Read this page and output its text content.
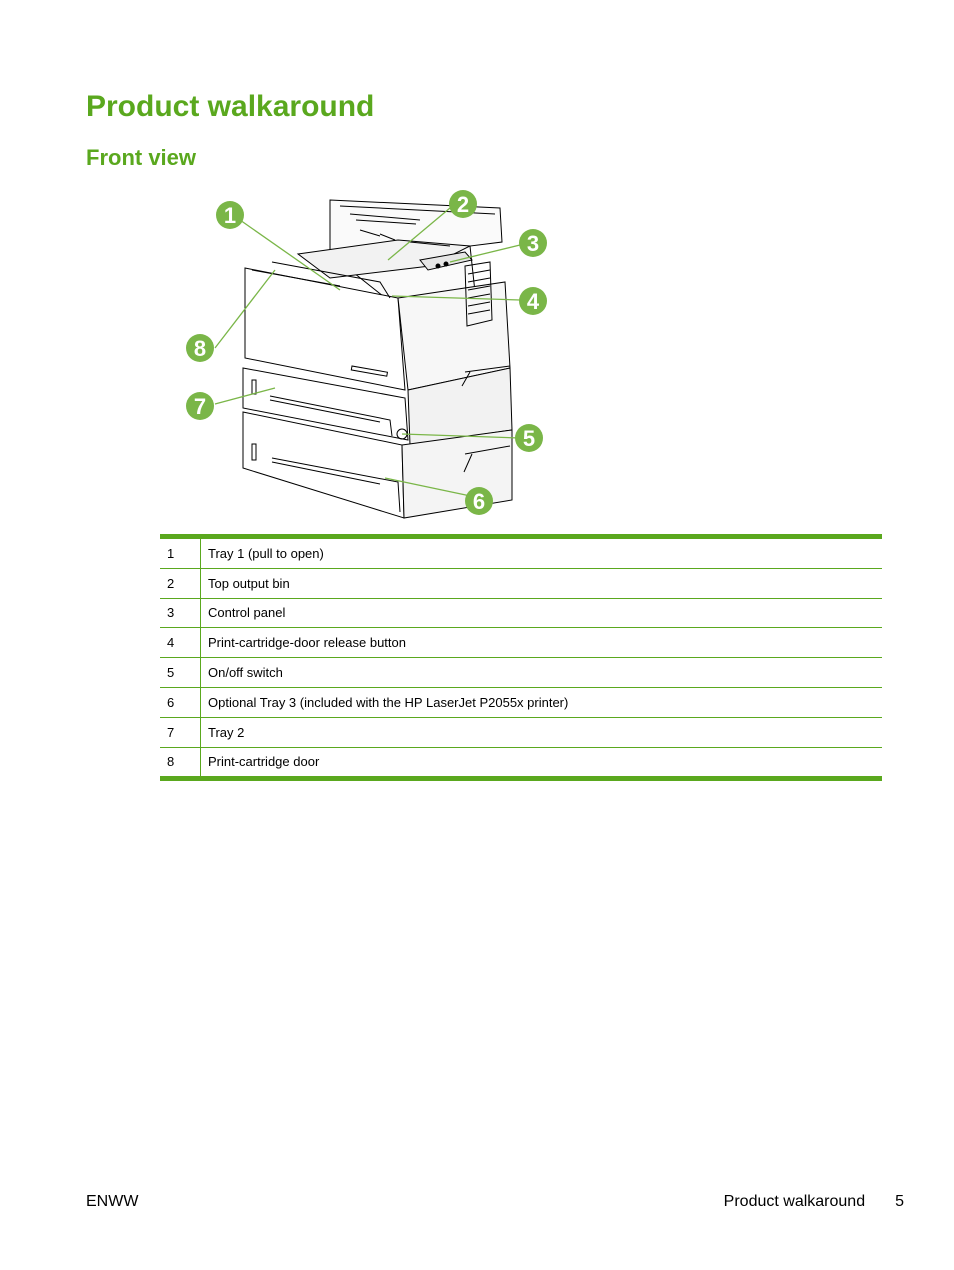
Product walkaround
Front view
1	2
3
4
5
6
7
8
1	Tray 1 (pull to open)
2	Top output bin
3	Control panel
4	Print-cartridge-door release button
5	On/off switch
6	Optional Tray 3 (included with the HP LaserJet P2055x printer)
7	Tray 2
8	Print-cartridge door
ENWW	Product walkaround 5
